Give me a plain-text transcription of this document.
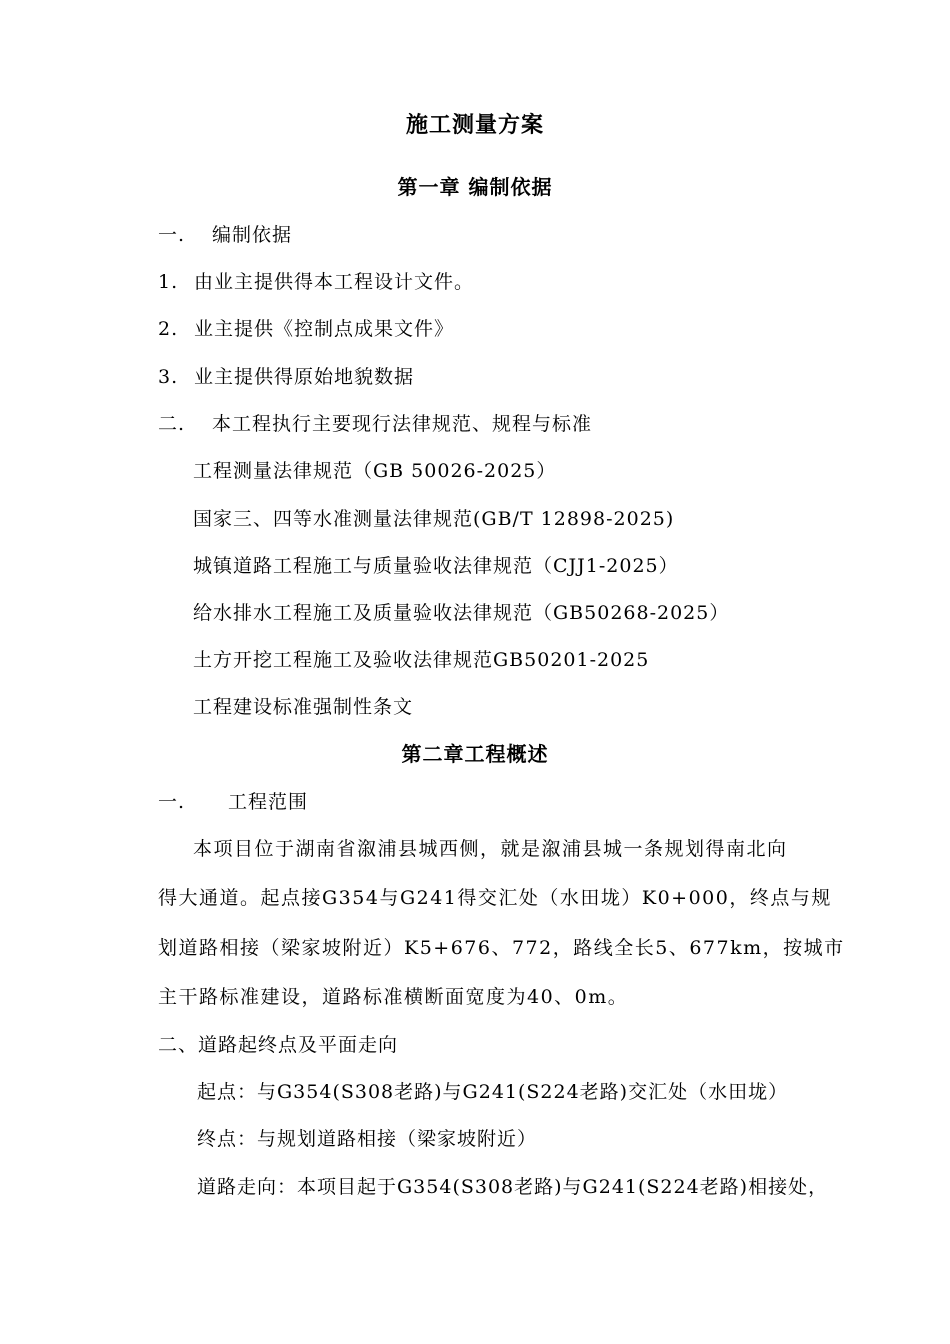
施工测量方案
第一章 编制依据
一. 编制依据
1. 由业主提供得本工程设计文件。
2. 业主提供《控制点成果文件》
3. 业主提供得原始地貌数据
二. 本工程执行主要现行法律规范、规程与标准
工程测量法律规范（GB 50026-2025）
国家三、四等水准测量法律规范(GB/T 12898-2025)
城镇道路工程施工与质量验收法律规范（CJJ1-2025）
给水排水工程施工及质量验收法律规范（GB50268-2025）
土方开挖工程施工及验收法律规范GB50201-2025
工程建设标准强制性条文
第二章工程概述
一. 工程范围
本项目位于湖南省溆浦县城西侧，就是溆浦县城一条规划得南北向
得大通道。起点接G354与G241得交汇处（水田垅）K0+000，终点与规
划道路相接（梁家坡附近）K5+676、772，路线全长5、677km，按城市
主干路标准建设，道路标准横断面宽度为40、0m。
二、道路起终点及平面走向
起点：与G354(S308老路)与G241(S224老路)交汇处（水田垅）
终点：与规划道路相接（梁家坡附近）
道路走向：本项目起于G354(S308老路)与G241(S224老路)相接处，
